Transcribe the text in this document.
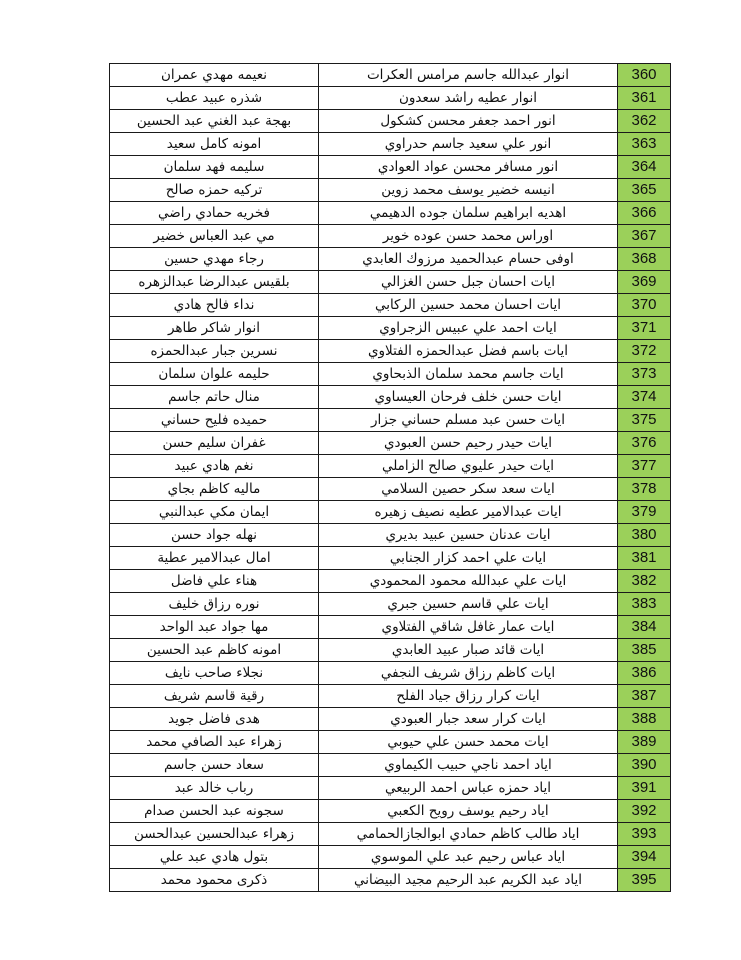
نعيمه مهدي عمران	انوار عبدالله جاسم مرامس العكرات	360
شذره عبيد عطب	انوار عطيه راشد سعدون	361
بهجة عبد الغني عبد الحسين	انور احمد جعفر محسن كشكول	362
امونه كامل سعيد	انور علي سعيد جاسم حدراوي	363
سليمه فهد سلمان	انور مسافر محسن عواد العوادي	364
تركيه حمزه صالح	انيسه خضير يوسف محمد زوين	365
فخريه حمادي راضي	اهديه ابراهيم سلمان جوده الدهيمي	366
مي عبد العباس خضير	اوراس محمد حسن عوده خوير	367
رجاء مهدي حسين	اوفى حسام عبدالحميد مرزوك العابدي	368
بلقيس عبدالرضا عبدالزهره	ايات احسان جبل حسن الغزالي	369
نداء فالح هادي	ايات احسان محمد حسين الركابي	370
انوار شاكر طاهر	ايات احمد علي عبيس الزجراوي	371
نسرين جبار عبدالحمزه	ايات باسم فضل عبدالحمزه الفتلاوي	372
حليمه علوان سلمان	ايات جاسم محمد سلمان الذبحاوي	373
منال حاتم جاسم	ايات حسن خلف فرحان العيساوي	374
حميده فليح حساني	ايات حسن عبد مسلم حساني جزار	375
غفران سليم حسن	ايات حيدر رحيم حسن العبودي	376
نغم هادي عبيد	ايات حيدر عليوي صالح الزاملي	377
ماليه كاظم بجاي	ايات سعد سكر حصين السلامي	378
ايمان مكي عبدالنبي	ايات عبدالامير عطيه نصيف زهيره	379
نهله جواد حسن	ايات عدنان حسين عبيد بديري	380
امال عبدالامير عطية	ايات علي احمد كزار الجنابي	381
هناء علي فاضل	ايات علي عبدالله محمود المحمودي	382
نوره رزاق خليف	ايات علي قاسم حسين جبري	383
مها جواد عبد الواحد	ايات عمار غافل شاقي الفتلاوي	384
امونه كاظم عبد الحسين	ايات قائد صبار عبيد العابدي	385
نجلاء صاحب نايف	ايات كاظم رزاق شريف النجفي	386
رقية قاسم شريف	ايات كرار رزاق جياد الفلح	387
هدى فاضل جويد	ايات كرار سعد جبار العبودي	388
زهراء عبد الصافي محمد	ايات محمد حسن علي حيوبي	389
سعاد حسن جاسم	اياد احمد ناجي حبيب الكيماوي	390
رباب خالد عبد	اياد حمزه عباس احمد الربيعي	391
سجونه عبد الحسن صدام	اياد رحيم يوسف رويح الكعبي	392
زهراء عبدالحسين عبدالحسن	اياد طالب كاظم حمادي ابوالجازالحمامي	393
بتول هادي عبد علي	اياد عباس رحيم عبد علي الموسوي	394
ذكرى محمود محمد	اياد عبد الكريم عبد الرحيم مجيد البيضاني	395
